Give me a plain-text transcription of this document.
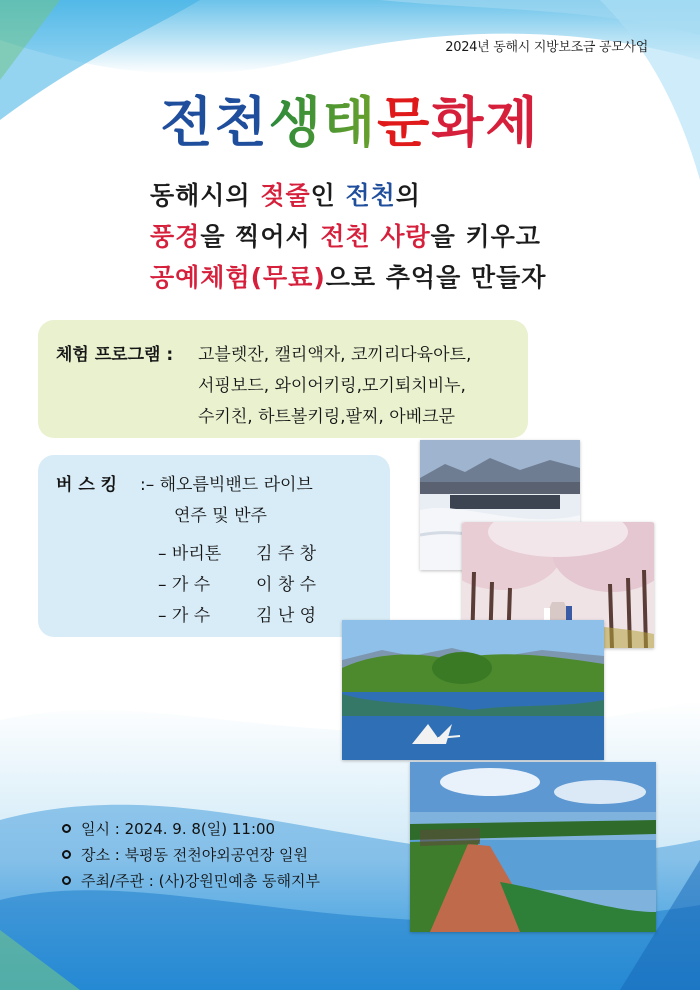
2024년 동해시 지방보조금 공모사업
전천생태문화제
동해시의 젖줄인 전천의
풍경을 찍어서 전천 사랑을 키우고
공예체험(무료)으로 추억을 만들자
체험 프로그램 : 고블렛잔, 캘리액자, 코끼리다육아트,
서핑보드, 와이어키링,모기퇴치비누,
수키친, 하트볼키링,팔찌, 아베크문
버 스 킹 :– 해오름빅밴드 라이브
연주 및 반주
– 바리톤 김 주 창
– 가 수	이 창 수
– 가 수	김 난 영
일시 : 2024. 9. 8(일) 11:00
장소 : 북평동 전천야외공연장 일원
주최/주관 : (사)강원민예총 동해지부
